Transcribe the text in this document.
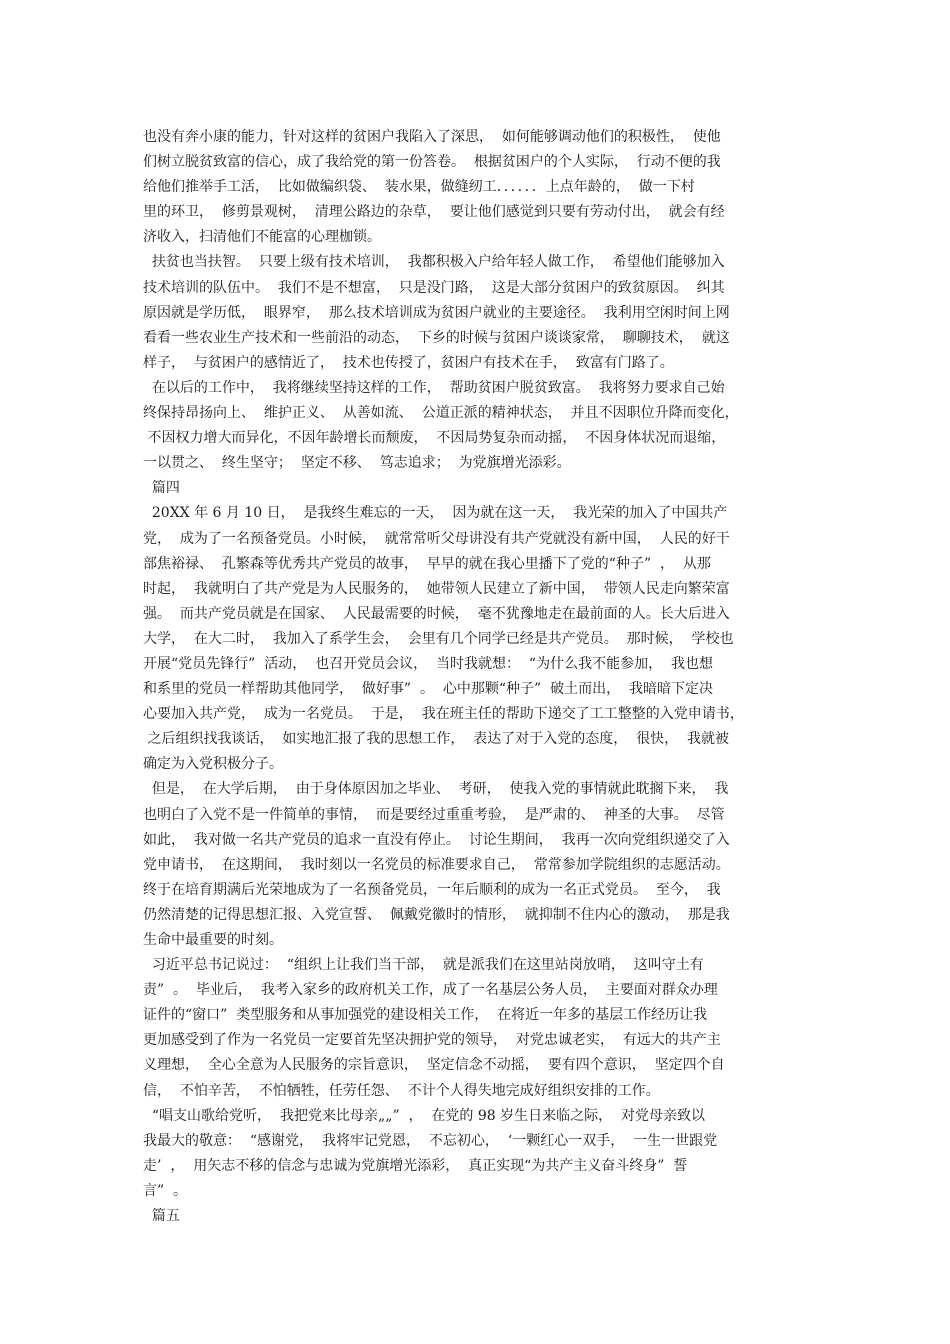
也没有奔小康的能力，针对这样的贫困户我陷入了深思，  如何能够调动他们的积极性，  使他
们树立脱贫致富的信心，成了我给党的第一份答卷。  根据贫困户的个人实际，  行动不便的我
给他们推举手工活，  比如做编织袋、  装水果，做缝纫工．．．．．．上点年龄的，  做一下村
里的环卫，  修剪景观树，  清理公路边的杂草，  要让他们感觉到只要有劳动付出，  就会有经
济收入，扫清他们不能富的心理枷锁。
扶贫也当扶智。  只要上级有技术培训，  我都积极入户给年轻人做工作，  希望他们能够加入
技术培训的队伍中。  我们不是不想富，  只是没门路，  这是大部分贫困户的致贫原因。  纠其
原因就是学历低，  眼界窄，  那么技术培训成为贫困户就业的主要途径。  我利用空闲时间上网
看看一些农业生产技术和一些前沿的动态，  下乡的时候与贫困户谈谈家常，  聊聊技术，  就这
样子，  与贫困户的感情近了，  技术也传授了，贫困户有技术在手，  致富有门路了。
在以后的工作中，  我将继续坚持这样的工作，  帮助贫困户脱贫致富。  我将努力要求自己始
终保持昂扬向上、  维护正义、  从善如流、  公道正派的精神状态，  并且不因职位升降而变化，
不因权力增大而异化，不因年龄增长而颓废，  不因局势复杂而动摇，  不因身体状况而退缩，
一以贯之、  终生坚守；  坚定不移、  笃志追求；  为党旗增光添彩。
篇四
20XX 年 6 月 10 日，  是我终生难忘的一天，  因为就在这一天，  我光荣的加入了中国共产
党，  成为了一名预备党员。小时候，  就常常听父母讲没有共产党就没有新中国，  人民的好干
部焦裕禄、  孔繁森等优秀共产党员的故事，  早早的就在我心里播下了党的“种子”  ，  从那
时起，  我就明白了共产党是为人民服务的，  她带领人民建立了新中国，  带领人民走向繁荣富
强。  而共产党员就是在国家、  人民最需要的时候，  毫不犹豫地走在最前面的人。长大后进入
大学，  在大二时，  我加入了系学生会，  会里有几个同学已经是共产党员。  那时候，  学校也
开展“党员先锋行”  活动，  也召开党员会议，  当时我就想：  “为什么我不能参加，  我也想
和系里的党员一样帮助其他同学，  做好事”  。  心中那颗“种子”  破土而出，  我暗暗下定决
心要加入共产党，  成为一名党员。  于是，  我在班主任的帮助下递交了工工整整的入党申请书，
之后组织找我谈话，  如实地汇报了我的思想工作，  表达了对于入党的态度，  很快，  我就被
确定为入党积极分子。
但是，  在大学后期，  由于身体原因加之毕业、  考研，  使我入党的事情就此耽搁下来，  我
也明白了入党不是一件简单的事情，  而是要经过重重考验，  是严肃的、  神圣的大事。  尽管
如此，  我对做一名共产党员的追求一直没有停止。  讨论生期间，  我再一次向党组织递交了入
党申请书，  在这期间，  我时刻以一名党员的标准要求自己，  常常参加学院组织的志愿活动。
终于在培育期满后光荣地成为了一名预备党员，一年后顺利的成为一名正式党员。  至今，  我
仍然清楚的记得思想汇报、入党宣誓、  佩戴党徽时的情形，  就抑制不住内心的激动，  那是我
生命中最重要的时刻。
习近平总书记说过：  “组织上让我们当干部，  就是派我们在这里站岗放哨，  这叫守土有
责”  。  毕业后，  我考入家乡的政府机关工作，成了一名基层公务人员，  主要面对群众办理
证件的“窗口”  类型服务和从事加强党的建设相关工作，  在将近一年多的基层工作经历让我
更加感受到了作为一名党员一定要首先坚决拥护党的领导，  对党忠诚老实，  有远大的共产主
义理想，  全心全意为人民服务的宗旨意识，  坚定信念不动摇，  要有四个意识，  坚定四个自
信，  不怕辛苦，  不怕牺牲，任劳任怨、  不计个人得失地完成好组织安排的工作。
“唱支山歌给党听，  我把党来比母亲„„”  ，  在党的 98 岁生日来临之际，  对党母亲致以
我最大的敬意：  “感谢党，  我将牢记党恩，  不忘初心，  ‘一颗红心一双手，  一生一世跟党
走’  ，  用矢志不移的信念与忠诚为党旗增光添彩，  真正实现“为共产主义奋斗终身”  誓
言”  。
篇五
